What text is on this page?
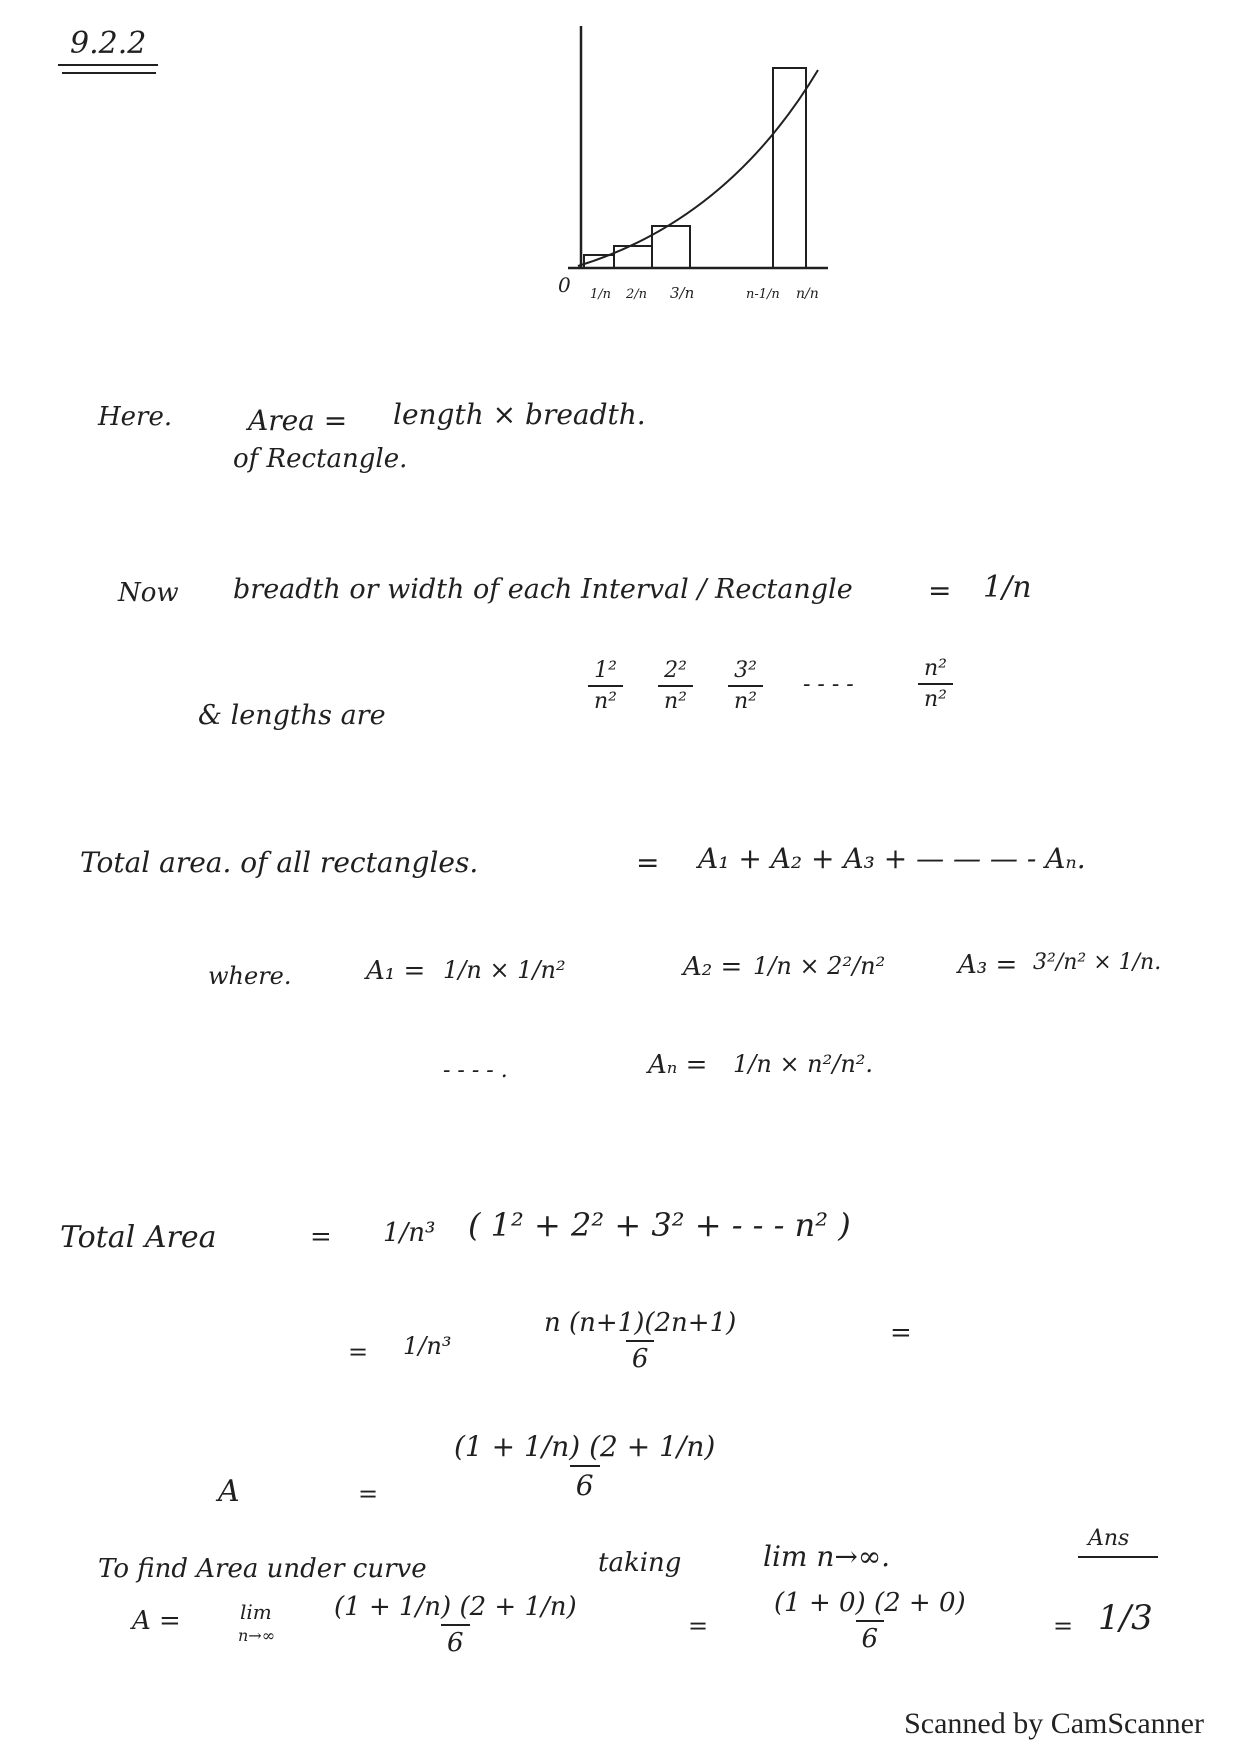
9.2.2
0 1/n 2/n 3/n	n-1/n n/n
Here.	Area = length × breadth.
of Rectangle.
Now breadth or width of each Interval / Rectangle	= 1/n
& lengths are
$\frac{\text{1²}}{\text{n²}} \frac{\text{2²}}{\text{n²}} \frac{\text{3²}}{\text{n²}}$ - - - -	$\frac{\text{n²}}{\text{n²}}$
Total area. of all rectangles.	= A₁ + A₂ + A₃ + — — — - Aₙ.
where.	A₁ = 1/n × 1/n²	A₂ = 1/n × 2²/n²	A₃ = 3²/n² × 1/n.
- - - - .	Aₙ = 1/n × n²/n².
Total Area	= 1/n³ ( 1² + 2² + 3² + - - - n² )
= 1/n³	$\frac{n (n+1)(2n+1)}{6}$	=
A	= $\frac{(1 + 1/n) (2 + 1/n)}{6}$
To find Area under curve	taking	lim n→∞.
Ans
A =	lim
$n\to\infty \frac{(1 + 1/n) (2 + 1/n)}{6}$	= $\frac{(1 + 0) (2 + 0)}{6}$	= 1/3
Scanned by CamScanner
